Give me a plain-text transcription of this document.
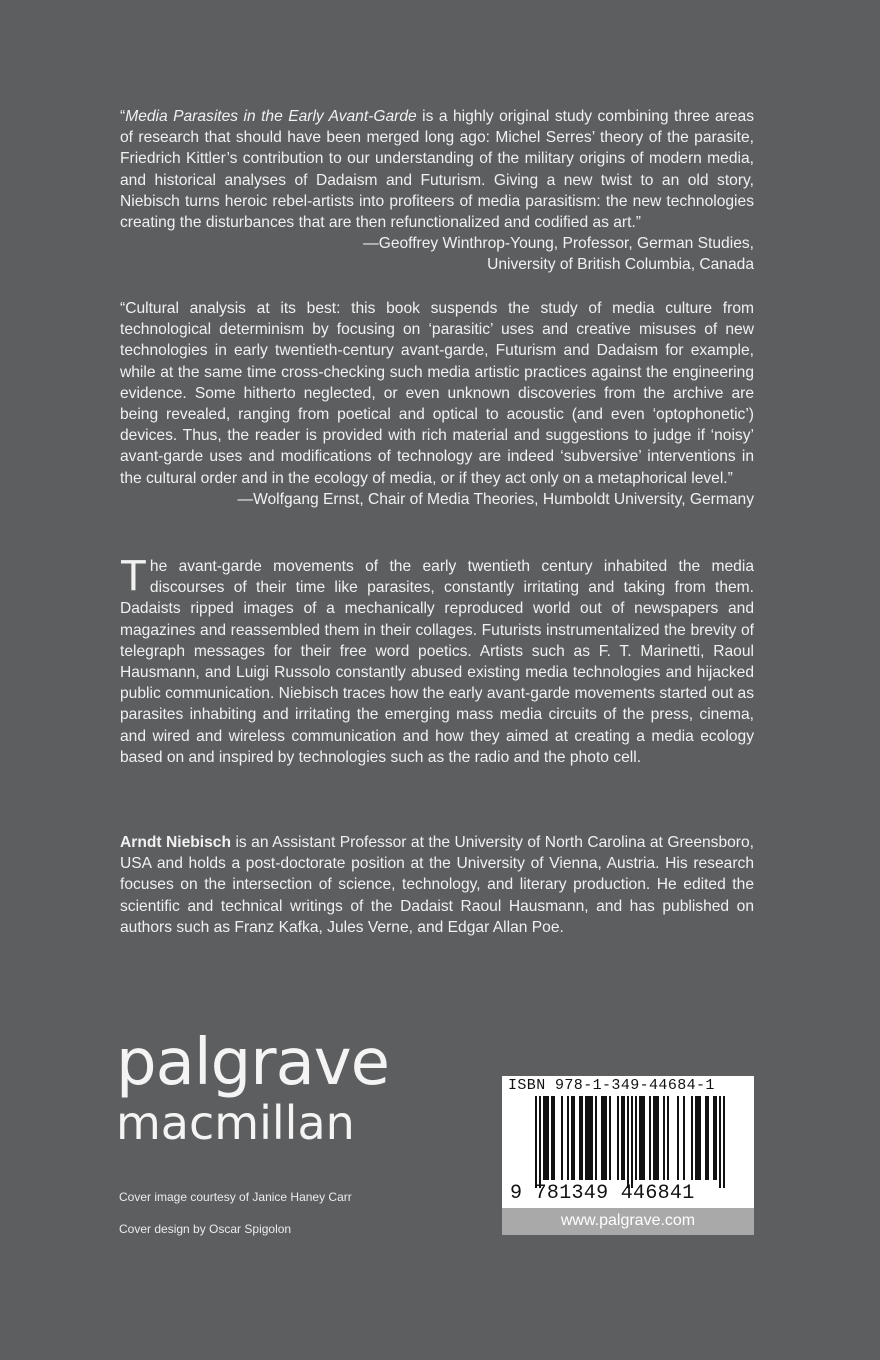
“Media Parasites in the Early Avant-Garde is a highly original study combining three areas of research that should have been merged long ago: Michel Serres’ theory of the parasite, Friedrich Kittler’s contribution to our understanding of the military origins of modern media, and historical analyses of Dadaism and Futurism. Giving a new twist to an old story, Niebisch turns heroic rebel-artists into profiteers of media parasitism: the new technologies creating the disturbances that are then refunctionalized and codified as art.”

—Geoffrey Winthrop-Young, Professor, German Studies,

University of British Columbia, Canada

“Cultural analysis at its best: this book suspends the study of media culture from technological determinism by focusing on ‘parasitic’ uses and creative misuses of new technologies in early twentieth-century avant-garde, Futurism and Dadaism for example, while at the same time cross-checking such media artistic practices against the engineering evidence. Some hitherto neglected, or even unknown discoveries from the archive are being revealed, ranging from poetical and optical to acoustic (and even ‘optophonetic’) devices. Thus, the reader is provided with rich material and suggestions to judge if ‘noisy’ avant-garde uses and modifications of technology are indeed ‘subversive’ interventions in the cultural order and in the ecology of media, or if they act only on a metaphorical level.”

—Wolfgang Ernst, Chair of Media Theories, Humboldt University, Germany

The avant-garde movements of the early twentieth century inhabited the media discourses of their time like parasites, constantly irritating and taking from them. Dadaists ripped images of a mechanically reproduced world out of newspapers and magazines and reassembled them in their collages. Futurists instrumentalized the brevity of telegraph messages for their free word poetics. Artists such as F. T. Marinetti, Raoul Hausmann, and Luigi Russolo constantly abused existing media technologies and hijacked public communication. Niebisch traces how the early avant-garde movements started out as parasites inhabiting and irritating the emerging mass media circuits of the press, cinema, and wired and wireless communication and how they aimed at creating a media ecology based on and inspired by technologies such as the radio and the photo cell.

Arndt Niebisch is an Assistant Professor at the University of North Carolina at Greensboro, USA and holds a post-doctorate position at the University of Vienna, Austria. His research focuses on the intersection of science, technology, and literary production. He edited the scientific and technical writings of the Dadaist Raoul Hausmann, and has published on authors such as Franz Kafka, Jules Verne, and Edgar Allan Poe.

palgrave
macmillan
Cover image courtesy of Janice Haney Carr
Cover design by Oscar Spigolon
ISBN 978-1-349-44684-1
9 781349 446841
www.palgrave.com
